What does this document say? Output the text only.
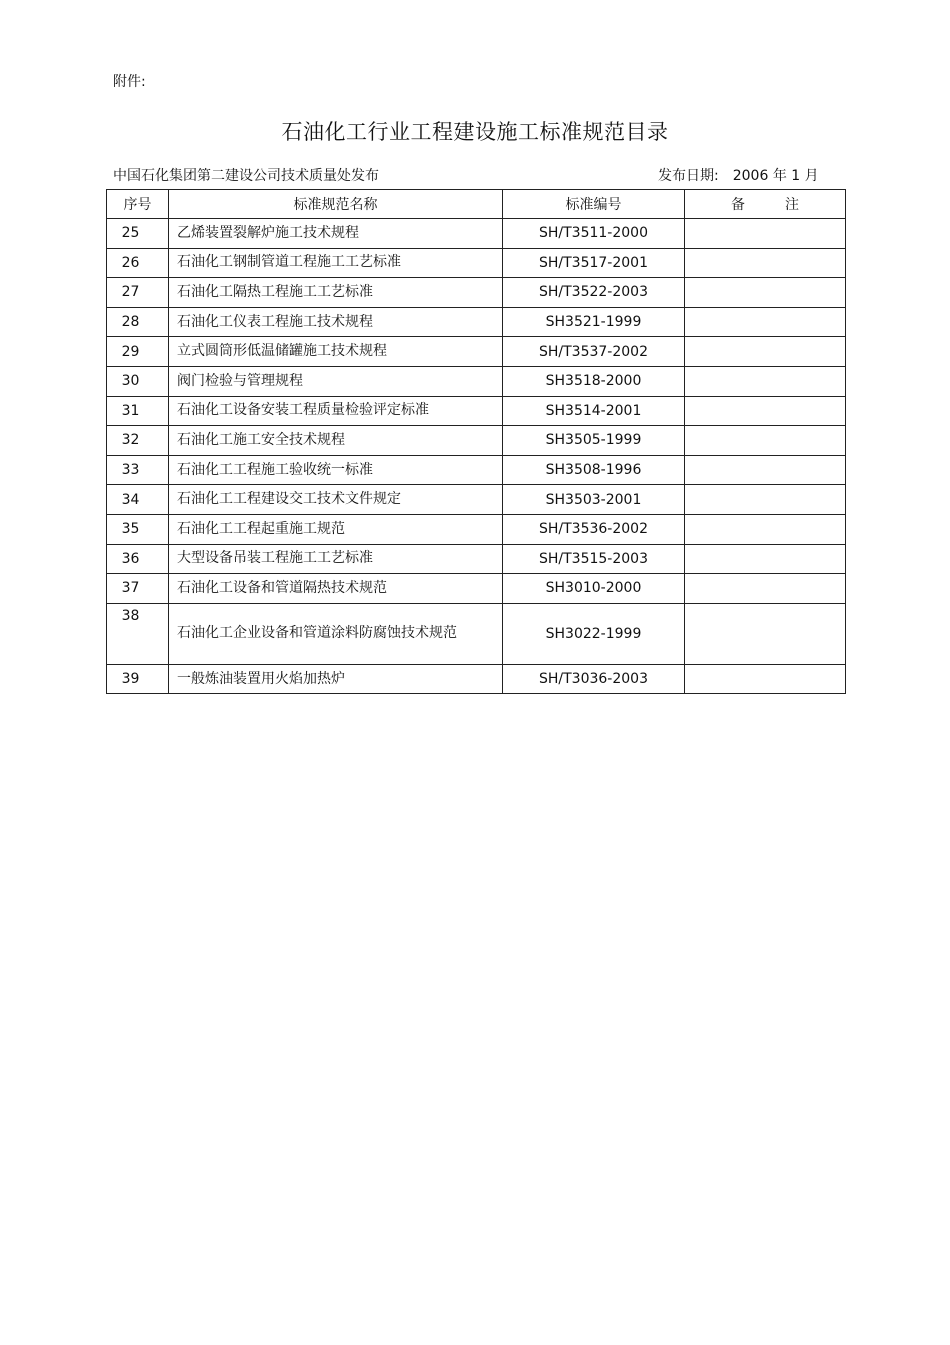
附件:
石油化工行业工程建设施工标准规范目录
中国石化集团第二建设公司技术质量处发布	发布日期: 2006 年 1 月
序号	标准规范名称	标准编号	备 注
25	乙烯装置裂解炉施工技术规程	SH/T3511-2000	
26	石油化工钢制管道工程施工工艺标准	SH/T3517-2001	
27	石油化工隔热工程施工工艺标准	SH/T3522-2003	
28	石油化工仪表工程施工技术规程	SH3521-1999	
29	立式圆筒形低温储罐施工技术规程	SH/T3537-2002	
30	阀门检验与管理规程	SH3518-2000	
31	石油化工设备安装工程质量检验评定标准	SH3514-2001	
32	石油化工施工安全技术规程	SH3505-1999	
33	石油化工工程施工验收统一标准	SH3508-1996	
34	石油化工工程建设交工技术文件规定	SH3503-2001	
35	石油化工工程起重施工规范	SH/T3536-2002	
36	大型设备吊装工程施工工艺标准	SH/T3515-2003	
37	石油化工设备和管道隔热技术规范	SH3010-2000	
38	石油化工企业设备和管道涂料防腐蚀技术规范	SH3022-1999	
39	一般炼油装置用火焰加热炉	SH/T3036-2003	
